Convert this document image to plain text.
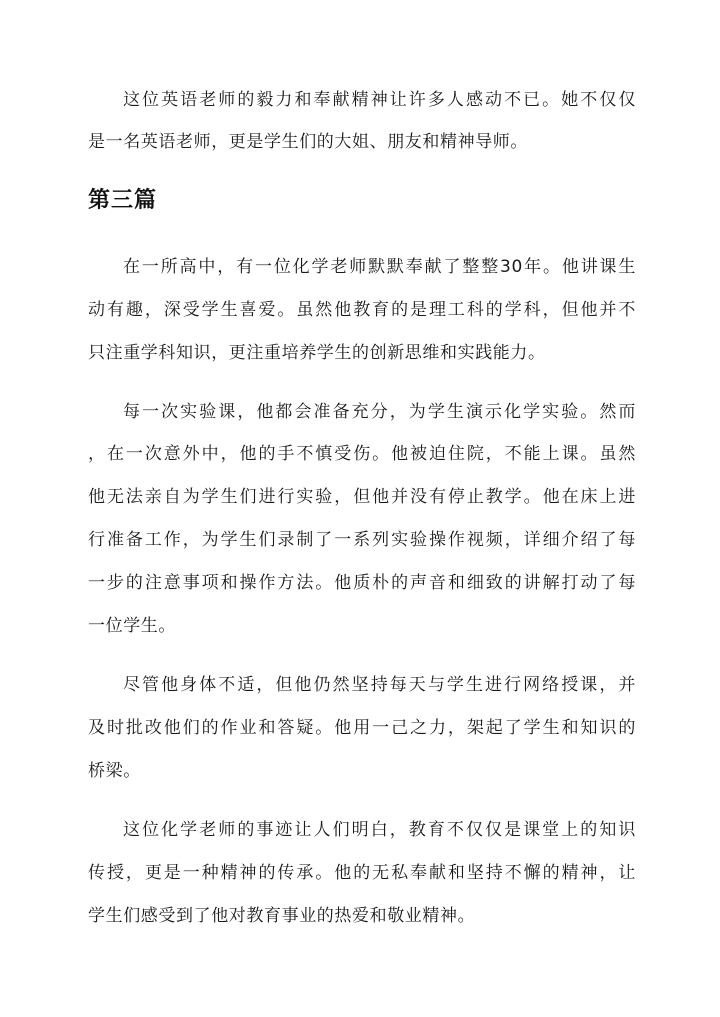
这位英语老师的毅力和奉献精神让许多人感动不已。她不仅仅
是一名英语老师，更是学生们的大姐、朋友和精神导师。
第三篇
在一所高中，有一位化学老师默默奉献了整整30年。他讲课生
动有趣，深受学生喜爱。虽然他教育的是理工科的学科，但他并不
只注重学科知识，更注重培养学生的创新思维和实践能力。
每一次实验课，他都会准备充分，为学生演示化学实验。然而
，在一次意外中，他的手不慎受伤。他被迫住院，不能上课。虽然
他无法亲自为学生们进行实验，但他并没有停止教学。他在床上进
行准备工作，为学生们录制了一系列实验操作视频，详细介绍了每
一步的注意事项和操作方法。他质朴的声音和细致的讲解打动了每
一位学生。
尽管他身体不适，但他仍然坚持每天与学生进行网络授课，并
及时批改他们的作业和答疑。他用一己之力，架起了学生和知识的
桥梁。
这位化学老师的事迹让人们明白，教育不仅仅是课堂上的知识
传授，更是一种精神的传承。他的无私奉献和坚持不懈的精神，让
学生们感受到了他对教育事业的热爱和敬业精神。
